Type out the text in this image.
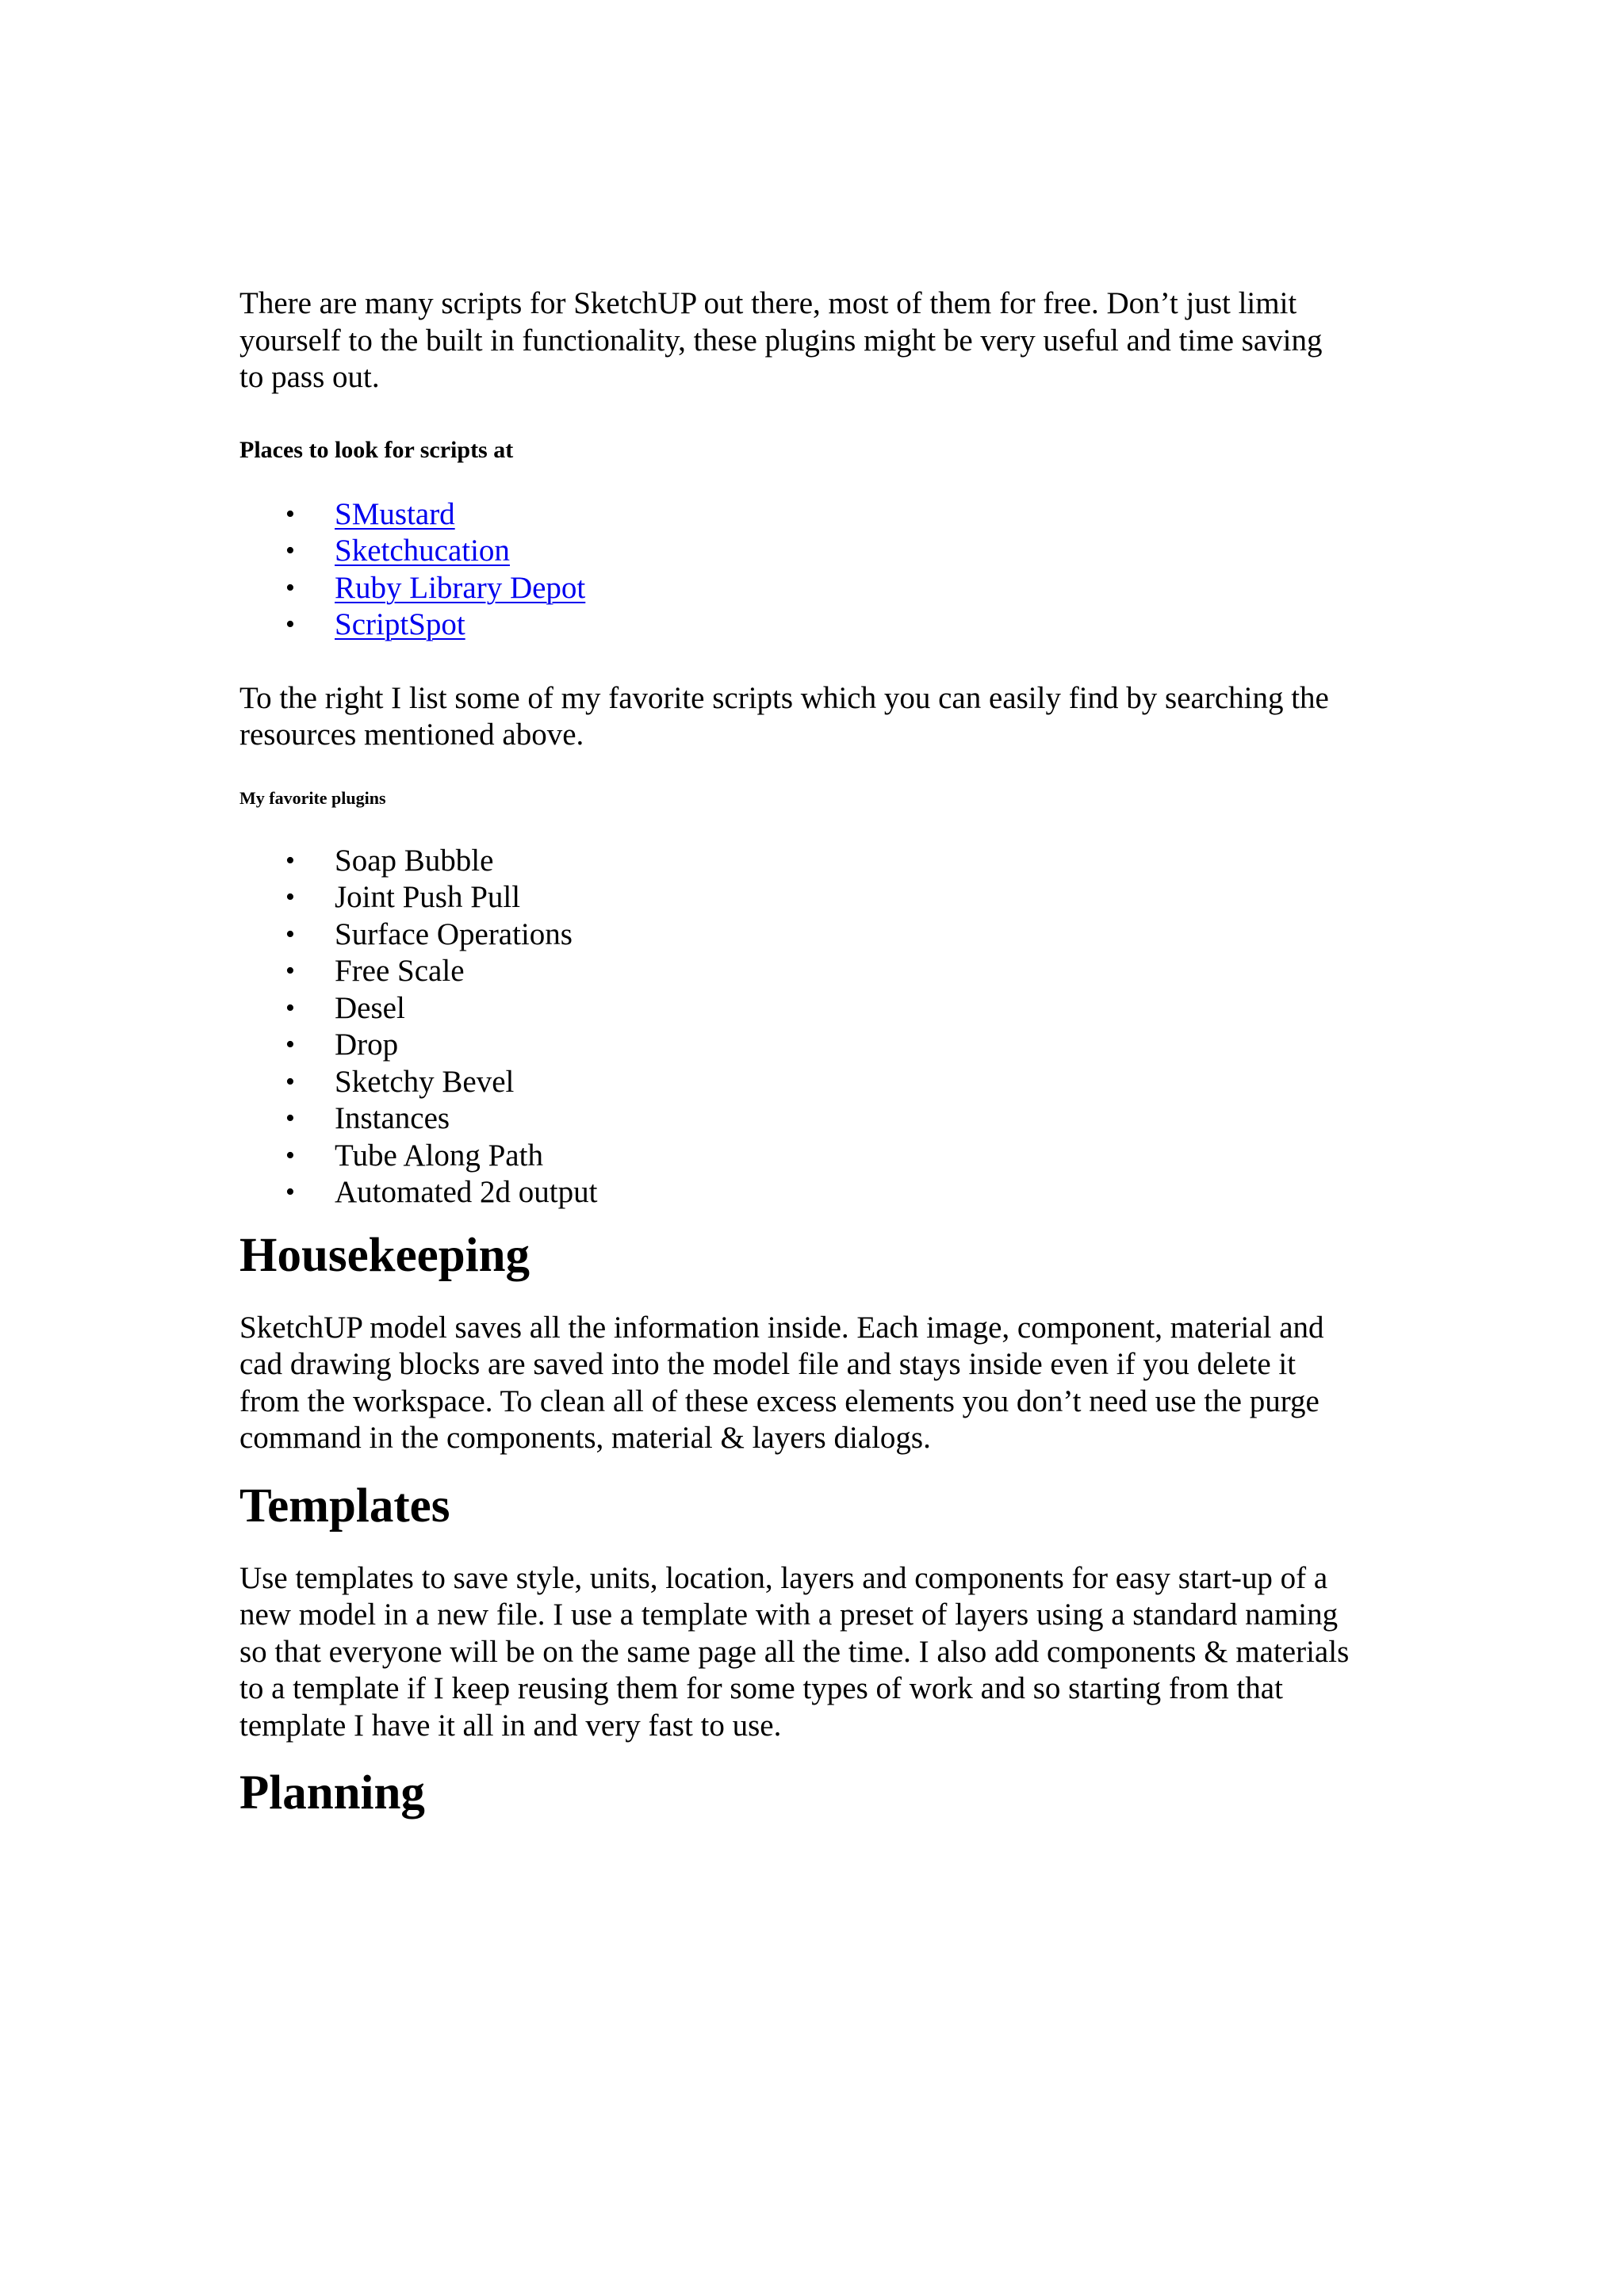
There are many scripts for SketchUP out there, most of them for free. Don’t just limit
yourself to the built in functionality, these plugins might be very useful and time saving
to pass out.

Places to look for scripts at
• SMustard
• Sketchucation
• Ruby Library Depot
• ScriptSpot

To the right I list some of my favorite scripts which you can easily find by searching the
resources mentioned above.

My favorite plugins
• Soap Bubble
• Joint Push Pull
• Surface Operations
• Free Scale
• Desel
• Drop
• Sketchy Bevel
• Instances
• Tube Along Path
• Automated 2d output
Housekeeping

SketchUP model saves all the information inside. Each image, component, material and
cad drawing blocks are saved into the model file and stays inside even if you delete it
from the workspace. To clean all of these excess elements you don’t need use the purge
command in the components, material & layers dialogs.

Templates

Use templates to save style, units, location, layers and components for easy start-up of a
new model in a new file. I use a template with a preset of layers using a standard naming
so that everyone will be on the same page all the time. I also add components & materials
to a template if I keep reusing them for some types of work and so starting from that
template I have it all in and very fast to use.

Planning
